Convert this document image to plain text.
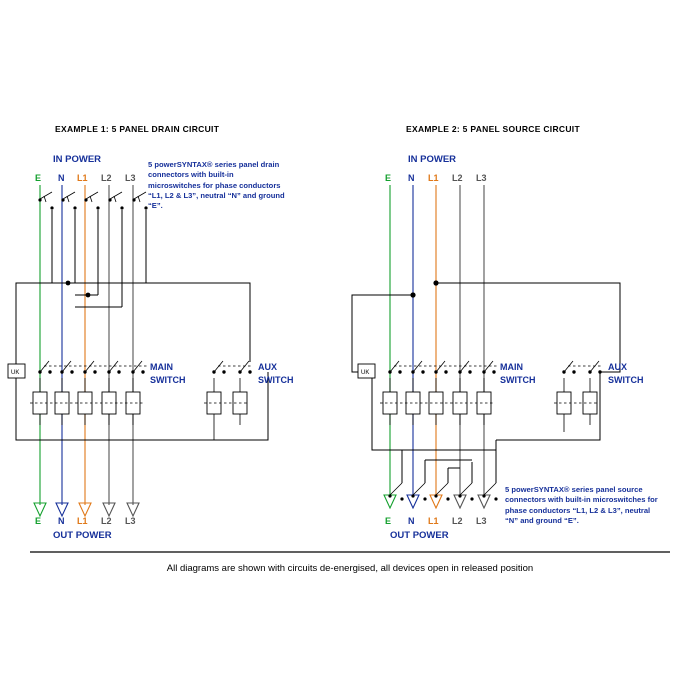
UK
EXAMPLE 1: 5 PANEL DRAIN CIRCUIT
IN POWER
OUT POWER
E N L1 L2 L3
E N L1 L2 L3
MAIN
SWITCH
AUX
SWITCH
UK
EXAMPLE 2: 5 PANEL SOURCE CIRCUIT
IN POWER
OUT POWER
E N L1 L2 L3
E N L1 L2 L3
MAIN
SWITCH
AUX
SWITCH
5 powerSYNTAX® series panel drain connectors with built-in microswitches for phase conductors “L1, L2 & L3”, neutral “N” and ground “E”.
5 powerSYNTAX® series panel source connectors with built-in microswitches for phase conductors “L1, L2 & L3”, neutral “N” and ground “E”.
All diagrams are shown with circuits de-energised, all devices open in released position
